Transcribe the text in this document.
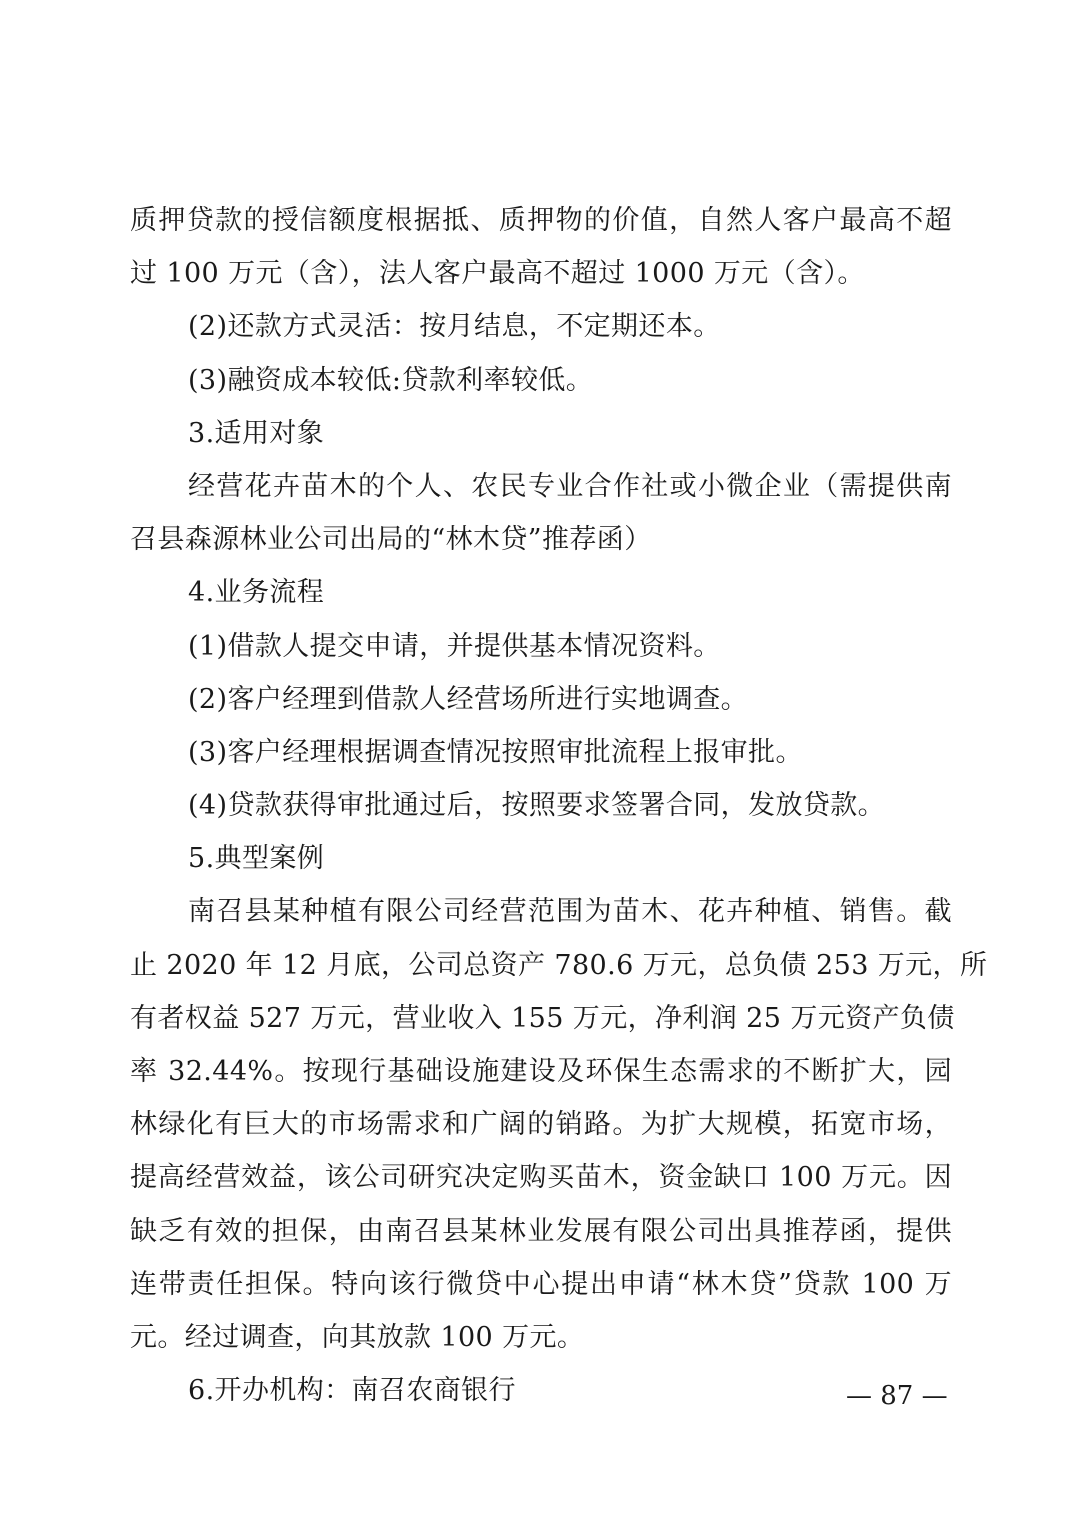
质押贷款的授信额度根据抵、质押物的价值，自然人客户最高不超
过 100 万元（含），法人客户最高不超过 1000 万元（含）。
(2)还款方式灵活：按月结息，不定期还本。
(3)融资成本较低:贷款利率较低。
3.适用对象
经营花卉苗木的个人、农民专业合作社或小微企业（需提供南
召县森源林业公司出局的“林木贷”推荐函）
4.业务流程
(1)借款人提交申请，并提供基本情况资料。
(2)客户经理到借款人经营场所进行实地调查。
(3)客户经理根据调查情况按照审批流程上报审批。
(4)贷款获得审批通过后，按照要求签署合同，发放贷款。
5.典型案例
南召县某种植有限公司经营范围为苗木、花卉种植、销售。截
止 2020 年 12 月底，公司总资产 780.6 万元，总负债 253 万元，所
有者权益 527 万元，营业收入 155 万元，净利润 25 万元资产负债
率 32.44%。按现行基础设施建设及环保生态需求的不断扩大，园
林绿化有巨大的市场需求和广阔的销路。为扩大规模，拓宽市场，
提高经营效益，该公司研究决定购买苗木，资金缺口 100 万元。因
缺乏有效的担保，由南召县某林业发展有限公司出具推荐函，提供
连带责任担保。特向该行微贷中心提出申请“林木贷”贷款 100 万
元。经过调查，向其放款 100 万元。
6.开办机构：南召农商银行	— 87 —
